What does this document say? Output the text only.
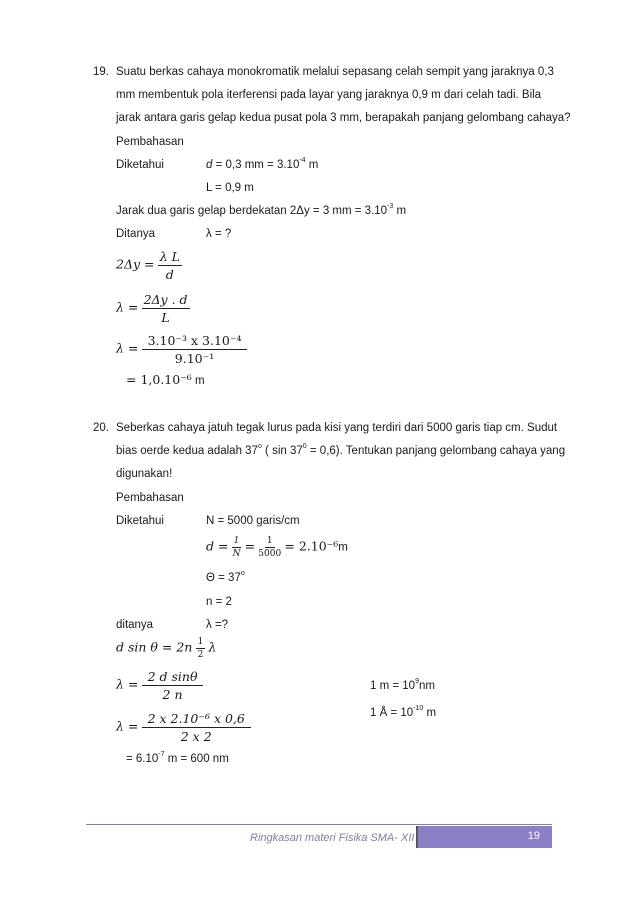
19. Suatu berkas cahaya monokromatik melalui sepasang celah sempit yang jaraknya 0,3
mm membentuk pola iterferensi pada layar yang jaraknya 0,9 m dari celah tadi. Bila
jarak antara garis gelap kedua pusat pola 3 mm, berapakah panjang gelombang cahaya?
Pembahasan
Diketahui	d = 0,3 mm = $3.10^{-4}$ m
L = 0,9 m
Jarak dua garis gelap berdekatan 2Δy = 3 mm = $3.10^{-3}$ m
Ditanya	λ = ?
$2\Delta y = \frac{\text{λ L}}{d}$
$\lambda = \frac{2\Delta y . d}{L}$
$\lambda = \frac{\text{3.10⁻³ x 3.10⁻⁴}}{\text{9.10⁻¹}}$
= 1,0.10⁻⁶ m
20. Seberkas cahaya jatuh tegak lurus pada kisi yang terdiri dari 5000 garis tiap cm. Sudut
bias oerde kedua adalah 37$^o$ ( $\sin 37^0 = 0,6$). Tentukan panjang gelombang cahaya yang
digunakan!
Pembahasan
Diketahui	N = 5000 garis/cm
$d = \frac{1}{N} = \frac{1}{5000} = 2.10^{-6}m$
$\Theta = 37^o$
n = 2
ditanya	λ =?
d $\sin \theta = 2n \frac{1}{2}$ λ
$\lambda = \frac{\text{2 d sinθ}}{2 n}$
$\lambda = \frac{\text{2 x 2.10⁻⁶ x 0,6}}{2 x 2}$
= $6.10^{-7}$ m = 600 nm
1 $m = 10^9nm$
1 Å = $10^{-10}$ m
Ringkasan materi Fisika SMA- XII	19
